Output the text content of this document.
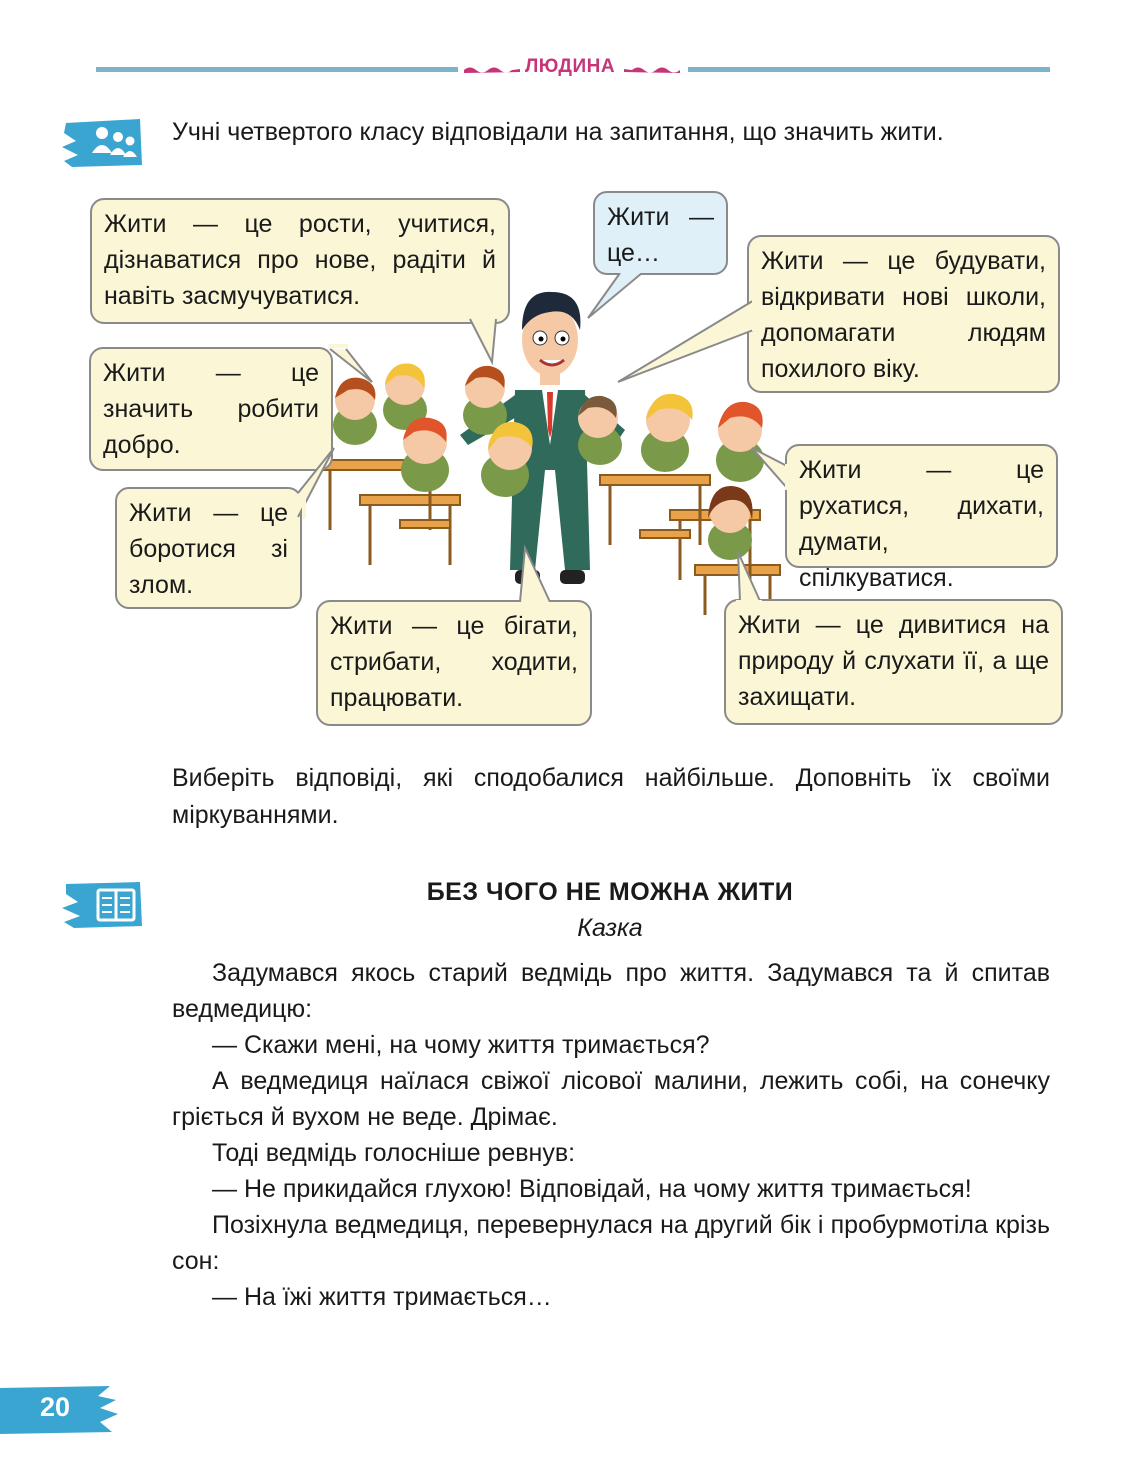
ЛЮДИНА

Учні четвертого класу відповідали на запитання, що значить жити.

Жити — це рости, учитися, дізнаватися про нове, радіти й навіть засмучуватися.

Жити — це…	Жити — це будувати, відкривати нові школи, допомагати людям похилого віку.

Жити — це значить робити добро.

Жити — це рухатися, дихати, думати, спілкуватися.

Жити — це боротися зі злом.

Жити — це бігати, стрибати, ходити, працювати.

Жити — це дивитися на природу й слухати її, а ще захищати.

Виберіть відповіді, які сподобалися найбільше. Доповніть їх своїми міркуваннями.

БЕЗ ЧОГО НЕ МОЖНА ЖИТИ
Казка

Задумався якось старий ведмідь про життя. Задумався та й спитав ведмедицю:

— Скажи мені, на чому життя тримається?

А ведмедиця наїлася свіжої лісової малини, лежить собі, на сонечку гріється й вухом не веде. Дрімає.

Тоді ведмідь голосніше ревнув:

— Не прикидайся глухою! Відповідай, на чому життя тримається!

Позіхнула ведмедиця, перевернулася на другий бік і пробурмотіла крізь сон:

— На їжі життя тримається…

20
